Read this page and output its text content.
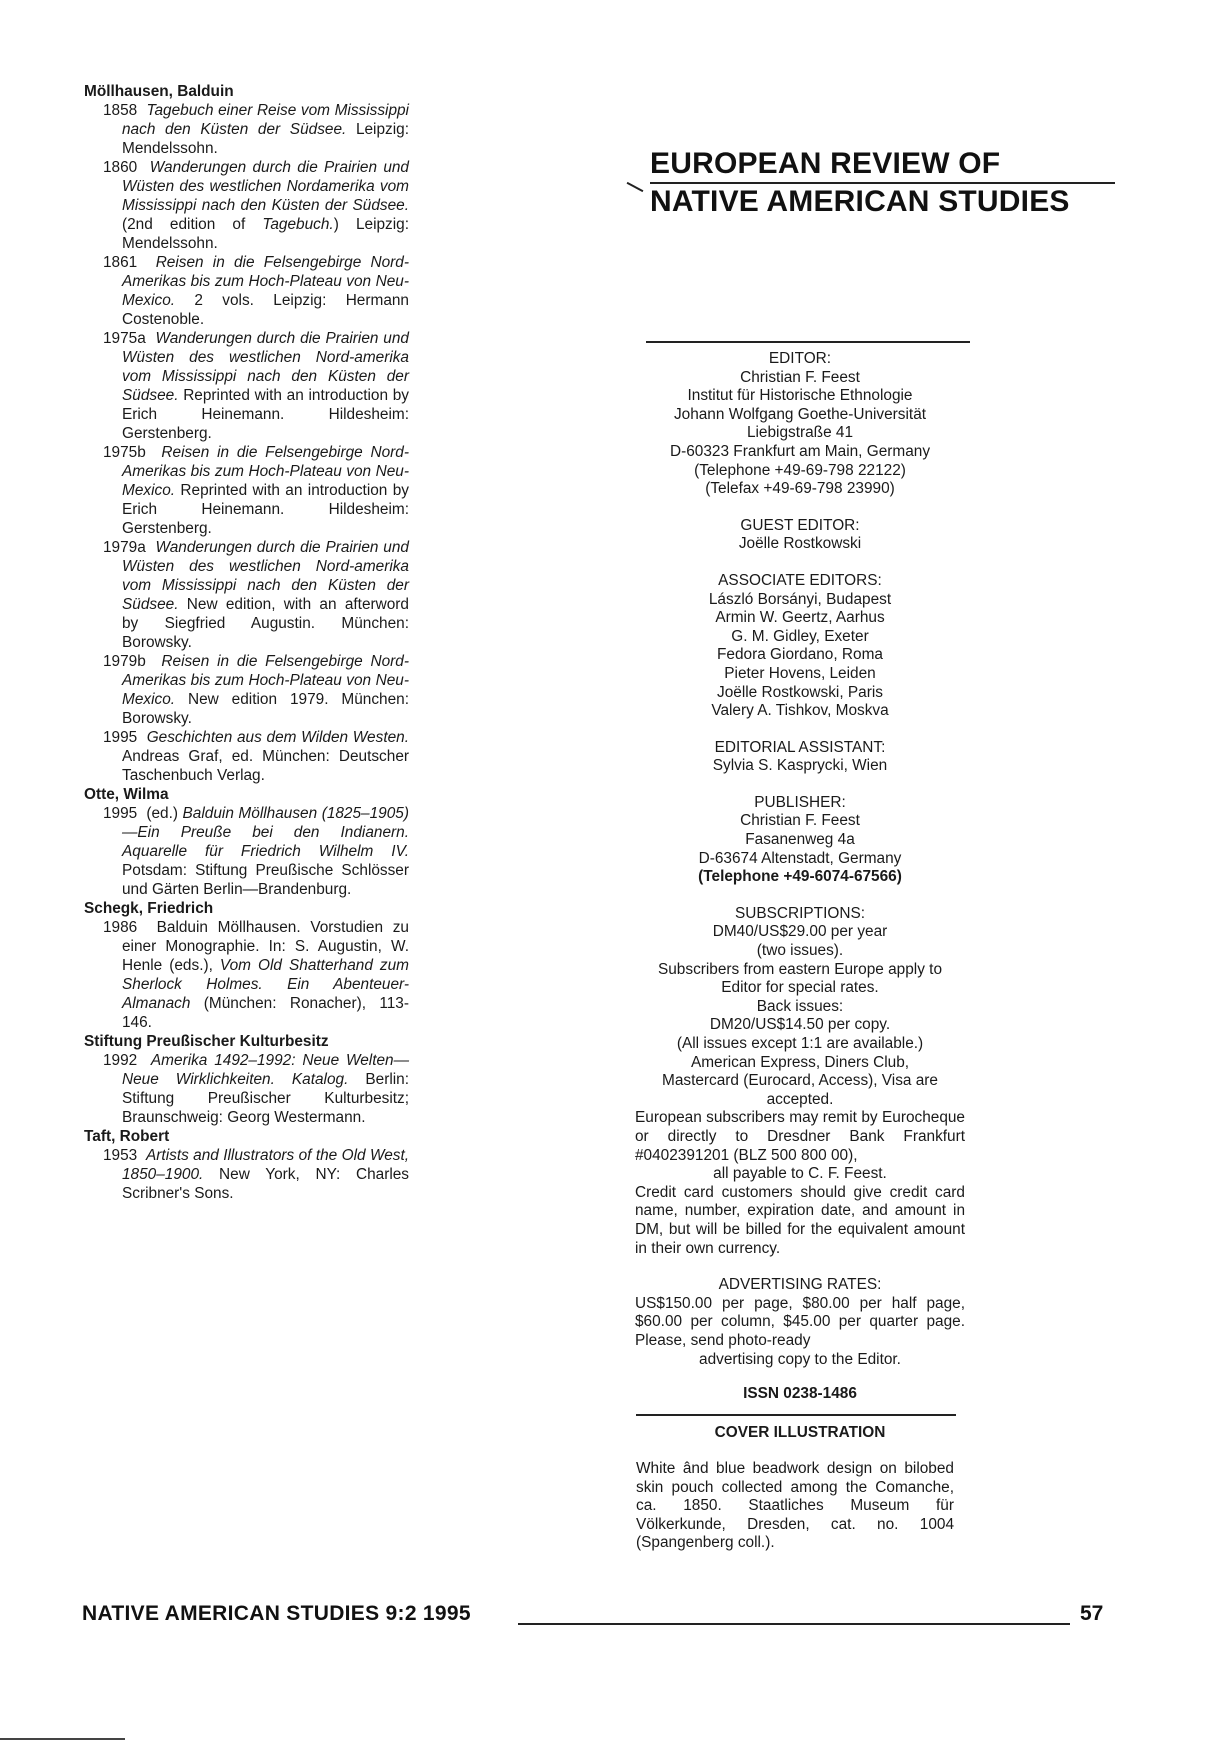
Möllhausen, Balduin

1858 Tagebuch einer Reise vom Mississippi nach den Küsten der Südsee. Leipzig: Mendelssohn.

1860 Wanderungen durch die Prairien und Wüsten des westlichen Nordamerika vom Mississippi nach den Küsten der Südsee. (2nd edition of Tagebuch.) Leipzig: Mendelssohn.

1861 Reisen in die Felsengebirge Nord-Amerikas bis zum Hoch-Plateau von Neu-Mexico. 2 vols. Leipzig: Hermann Costenoble.

1975a Wanderungen durch die Prairien und Wüsten des westlichen Nord-amerika vom Mississippi nach den Küsten der Südsee. Reprinted with an introduction by Erich Heinemann. Hildesheim: Gerstenberg.

1975b Reisen in die Felsengebirge Nord-Amerikas bis zum Hoch-Plateau von Neu-Mexico. Reprinted with an introduction by Erich Heinemann. Hildesheim: Gerstenberg.

1979a Wanderungen durch die Prairien und Wüsten des westlichen Nord-amerika vom Mississippi nach den Küsten der Südsee. New edition, with an afterword by Siegfried Augustin. München: Borowsky.

1979b Reisen in die Felsengebirge Nord-Amerikas bis zum Hoch-Plateau von Neu-Mexico. New edition 1979. München: Borowsky.

1995 Geschichten aus dem Wilden Westen. Andreas Graf, ed. München: Deutscher Taschenbuch Verlag.

Otte, Wilma

1995 (ed.) Balduin Möllhausen (1825–1905)—Ein Preuße bei den Indianern. Aquarelle für Friedrich Wilhelm IV. Potsdam: Stiftung Preußische Schlösser und Gärten Berlin—Brandenburg.

Schegk, Friedrich

1986 Balduin Möllhausen. Vorstudien zu einer Monographie. In: S. Augustin, W. Henle (eds.), Vom Old Shatterhand zum Sherlock Holmes. Ein Abenteuer-Almanach (München: Ronacher), 113-146.

Stiftung Preußischer Kulturbesitz

1992 Amerika 1492–1992: Neue Welten—Neue Wirklichkeiten. Katalog. Berlin: Stiftung Preußischer Kulturbesitz; Braunschweig: Georg Westermann.

Taft, Robert

1953 Artists and Illustrators of the Old West, 1850–1900. New York, NY: Charles Scribner's Sons.

EUROPEAN REVIEW OF
NATIVE AMERICAN STUDIES

EDITOR:

Christian F. Feest

Institut für Historische Ethnologie

Johann Wolfgang Goethe-Universität

Liebigstraße 41

D-60323 Frankfurt am Main, Germany

(Telephone +49-69-798 22122)

(Telefax +49-69-798 23990)

GUEST EDITOR:

Joëlle Rostkowski

ASSOCIATE EDITORS:

László Borsányi, Budapest

Armin W. Geertz, Aarhus

G. M. Gidley, Exeter

Fedora Giordano, Roma

Pieter Hovens, Leiden

Joëlle Rostkowski, Paris

Valery A. Tishkov, Moskva

EDITORIAL ASSISTANT:

Sylvia S. Kasprycki, Wien

PUBLISHER:

Christian F. Feest

Fasanenweg 4a

D-63674 Altenstadt, Germany

(Telephone +49-6074-67566)

SUBSCRIPTIONS:

DM40/US$29.00 per year

(two issues).

Subscribers from eastern Europe apply to

Editor for special rates.

Back issues:

DM20/US$14.50 per copy.

(All issues except 1:1 are available.)

American Express, Diners Club,

Mastercard (Eurocard, Access), Visa are

accepted.

European subscribers may remit by Eurocheque or directly to Dresdner Bank Frankfurt #0402391201 (BLZ 500 800 00),

all payable to C. F. Feest.

Credit card customers should give credit card name, number, expiration date, and amount in DM, but will be billed for the equivalent amount in their own currency.

ADVERTISING RATES:

US$150.00 per page, $80.00 per half page, $60.00 per column, $45.00 per quarter page. Please, send photo-ready

advertising copy to the Editor.

ISSN 0238-1486

COVER ILLUSTRATION

White ând blue beadwork design on bilobed skin pouch collected among the Comanche, ca. 1850. Staatliches Museum für Völkerkunde, Dresden, cat. no. 1004 (Spangenberg coll.).

NATIVE AMERICAN STUDIES 9:2 1995	57
